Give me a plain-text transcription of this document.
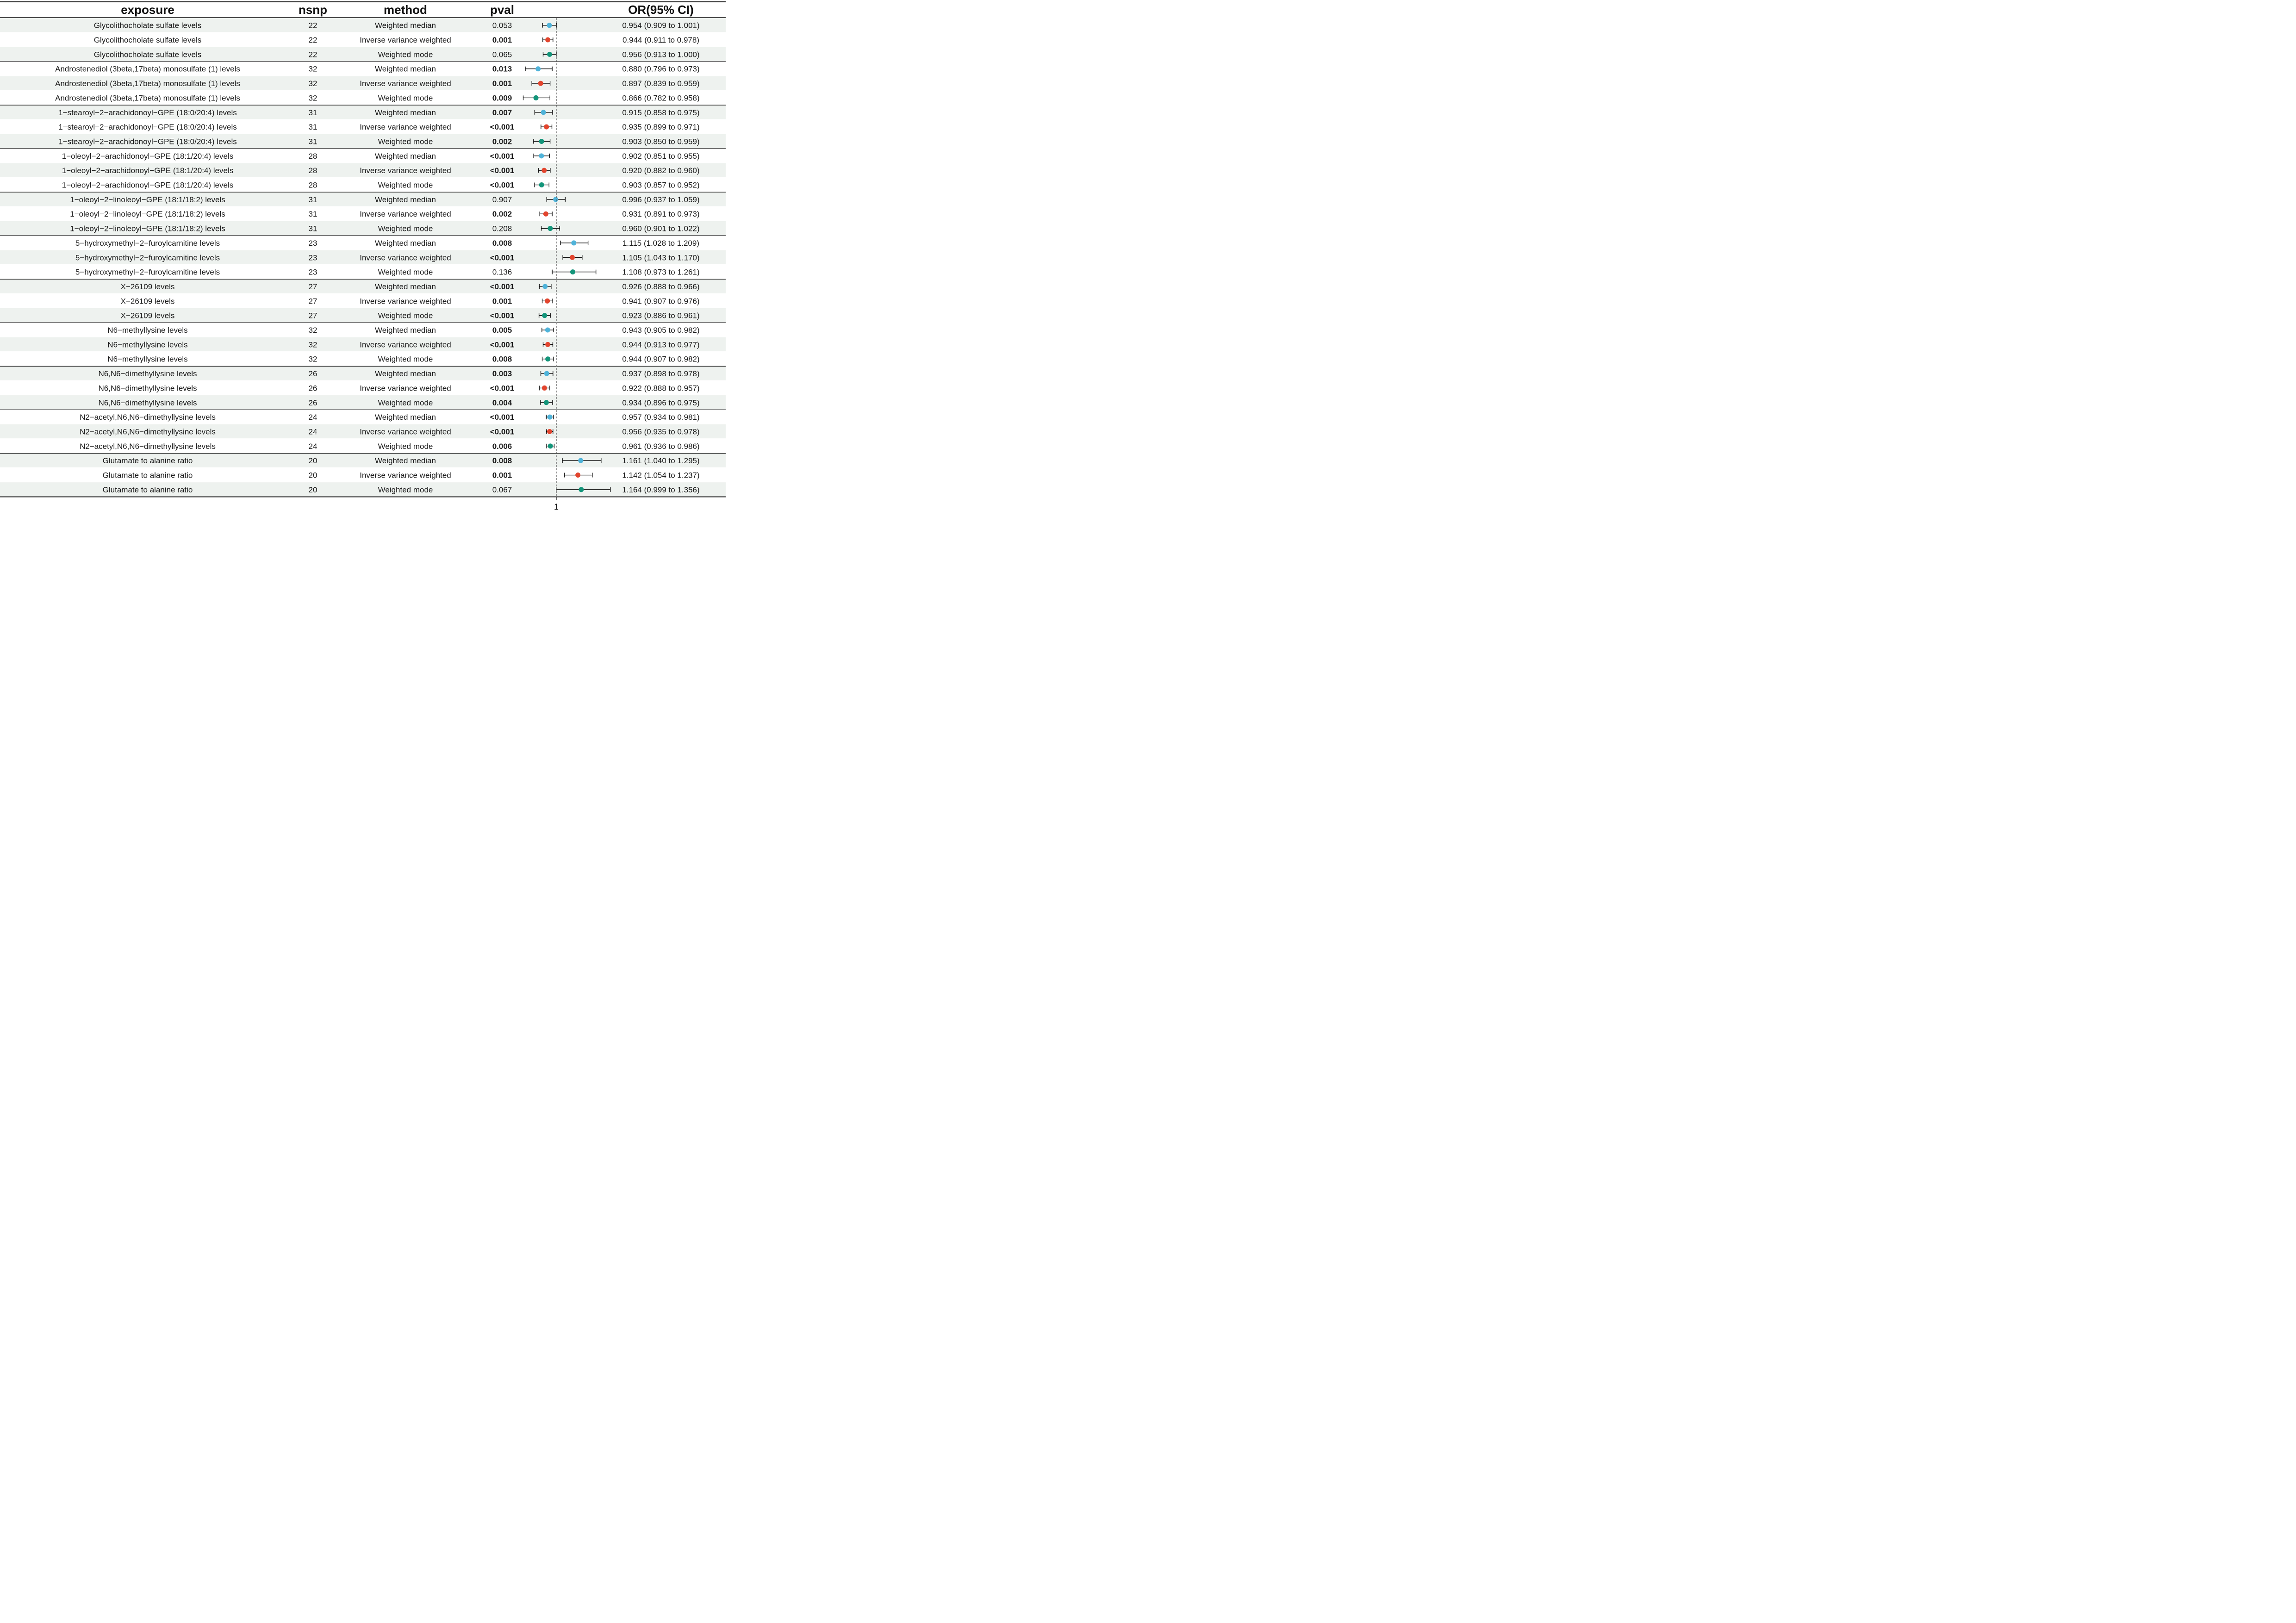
exposure	nsnp	method	pval	OR(95% CI)
Glycolithocholate sulfate levels	22	Weighted median	0.053	0.954 (0.909 to 1.001)
Glycolithocholate sulfate levels	22	Inverse variance weighted	0.001	0.944 (0.911 to 0.978)
Glycolithocholate sulfate levels	22	Weighted mode	0.065	0.956 (0.913 to 1.000)
Androstenediol (3beta,17beta) monosulfate (1) levels	32	Weighted median	0.013	0.880 (0.796 to 0.973)
Androstenediol (3beta,17beta) monosulfate (1) levels	32	Inverse variance weighted	0.001	0.897 (0.839 to 0.959)
Androstenediol (3beta,17beta) monosulfate (1) levels	32	Weighted mode	0.009	0.866 (0.782 to 0.958)
1−stearoyl−2−arachidonoyl−GPE (18:0/20:4) levels	31	Weighted median	0.007	0.915 (0.858 to 0.975)
1−stearoyl−2−arachidonoyl−GPE (18:0/20:4) levels	31	Inverse variance weighted	<0.001	0.935 (0.899 to 0.971)
1−stearoyl−2−arachidonoyl−GPE (18:0/20:4) levels	31	Weighted mode	0.002	0.903 (0.850 to 0.959)
1−oleoyl−2−arachidonoyl−GPE (18:1/20:4) levels	28	Weighted median	<0.001	0.902 (0.851 to 0.955)
1−oleoyl−2−arachidonoyl−GPE (18:1/20:4) levels	28	Inverse variance weighted	<0.001	0.920 (0.882 to 0.960)
1−oleoyl−2−arachidonoyl−GPE (18:1/20:4) levels	28	Weighted mode	<0.001	0.903 (0.857 to 0.952)
1−oleoyl−2−linoleoyl−GPE (18:1/18:2) levels	31	Weighted median	0.907	0.996 (0.937 to 1.059)
1−oleoyl−2−linoleoyl−GPE (18:1/18:2) levels	31	Inverse variance weighted	0.002	0.931 (0.891 to 0.973)
1−oleoyl−2−linoleoyl−GPE (18:1/18:2) levels	31	Weighted mode	0.208	0.960 (0.901 to 1.022)
5−hydroxymethyl−2−furoylcarnitine levels	23	Weighted median	0.008	1.115 (1.028 to 1.209)
5−hydroxymethyl−2−furoylcarnitine levels	23	Inverse variance weighted	<0.001	1.105 (1.043 to 1.170)
5−hydroxymethyl−2−furoylcarnitine levels	23	Weighted mode	0.136	1.108 (0.973 to 1.261)
X−26109 levels	27	Weighted median	<0.001	0.926 (0.888 to 0.966)
X−26109 levels	27	Inverse variance weighted	0.001	0.941 (0.907 to 0.976)
X−26109 levels	27	Weighted mode	<0.001	0.923 (0.886 to 0.961)
N6−methyllysine levels	32	Weighted median	0.005	0.943 (0.905 to 0.982)
N6−methyllysine levels	32	Inverse variance weighted	<0.001	0.944 (0.913 to 0.977)
N6−methyllysine levels	32	Weighted mode	0.008	0.944 (0.907 to 0.982)
N6,N6−dimethyllysine levels	26	Weighted median	0.003	0.937 (0.898 to 0.978)
N6,N6−dimethyllysine levels	26	Inverse variance weighted	<0.001	0.922 (0.888 to 0.957)
N6,N6−dimethyllysine levels	26	Weighted mode	0.004	0.934 (0.896 to 0.975)
N2−acetyl,N6,N6−dimethyllysine levels	24	Weighted median	<0.001	0.957 (0.934 to 0.981)
N2−acetyl,N6,N6−dimethyllysine levels	24	Inverse variance weighted	<0.001	0.956 (0.935 to 0.978)
N2−acetyl,N6,N6−dimethyllysine levels	24	Weighted mode	0.006	0.961 (0.936 to 0.986)
Glutamate to alanine ratio	20	Weighted median	0.008	1.161 (1.040 to 1.295)
Glutamate to alanine ratio	20	Inverse variance weighted	0.001	1.142 (1.054 to 1.237)
Glutamate to alanine ratio	20	Weighted mode	0.067	1.164 (0.999 to 1.356)
1
